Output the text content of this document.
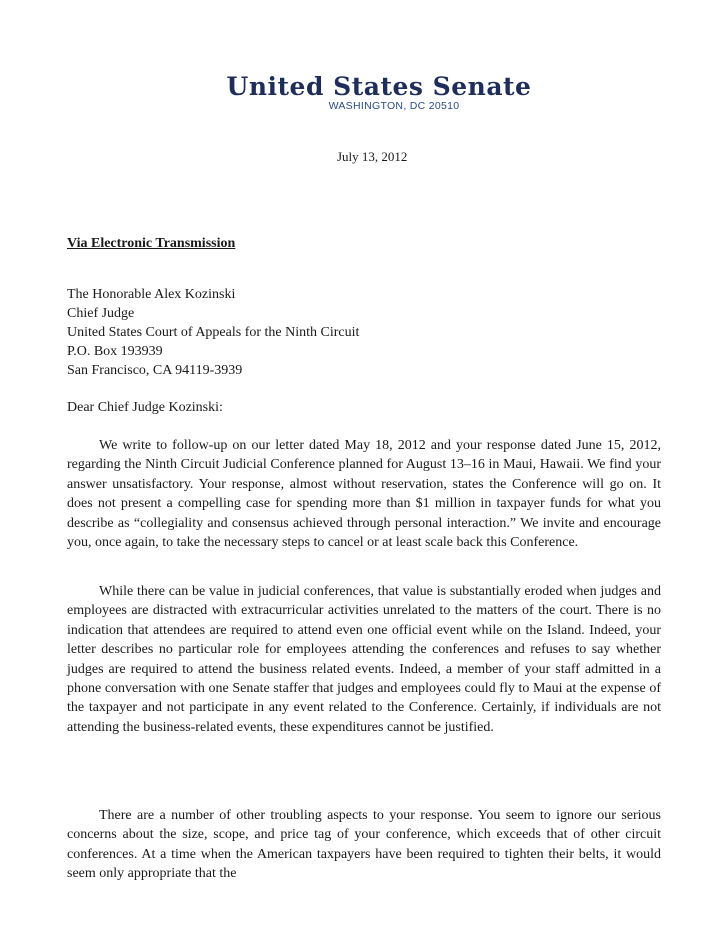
United States Senate
WASHINGTON, DC 20510
July 13, 2012
Via Electronic Transmission
The Honorable Alex Kozinski
Chief Judge
United States Court of Appeals for the Ninth Circuit
P.O. Box 193939
San Francisco, CA 94119-3939
Dear Chief Judge Kozinski:

We write to follow-up on our letter dated May 18, 2012 and your response dated June 15, 2012, regarding the Ninth Circuit Judicial Conference planned for August 13–16 in Maui, Hawaii. We find your answer unsatisfactory. Your response, almost without reservation, states the Conference will go on. It does not present a compelling case for spending more than $1 million in taxpayer funds for what you describe as “collegiality and consensus achieved through personal interaction.” We invite and encourage you, once again, to take the necessary steps to cancel or at least scale back this Conference.

While there can be value in judicial conferences, that value is substantially eroded when judges and employees are distracted with extracurricular activities unrelated to the matters of the court. There is no indication that attendees are required to attend even one official event while on the Island. Indeed, your letter describes no particular role for employees attending the conferences and refuses to say whether judges are required to attend the business related events. Indeed, a member of your staff admitted in a phone conversation with one Senate staffer that judges and employees could fly to Maui at the expense of the taxpayer and not participate in any event related to the Conference. Certainly, if individuals are not attending the business-related events, these expenditures cannot be justified.

There are a number of other troubling aspects to your response. You seem to ignore our serious concerns about the size, scope, and price tag of your conference, which exceeds that of other circuit conferences. At a time when the American taxpayers have been required to tighten their belts, it would seem only appropriate that the
